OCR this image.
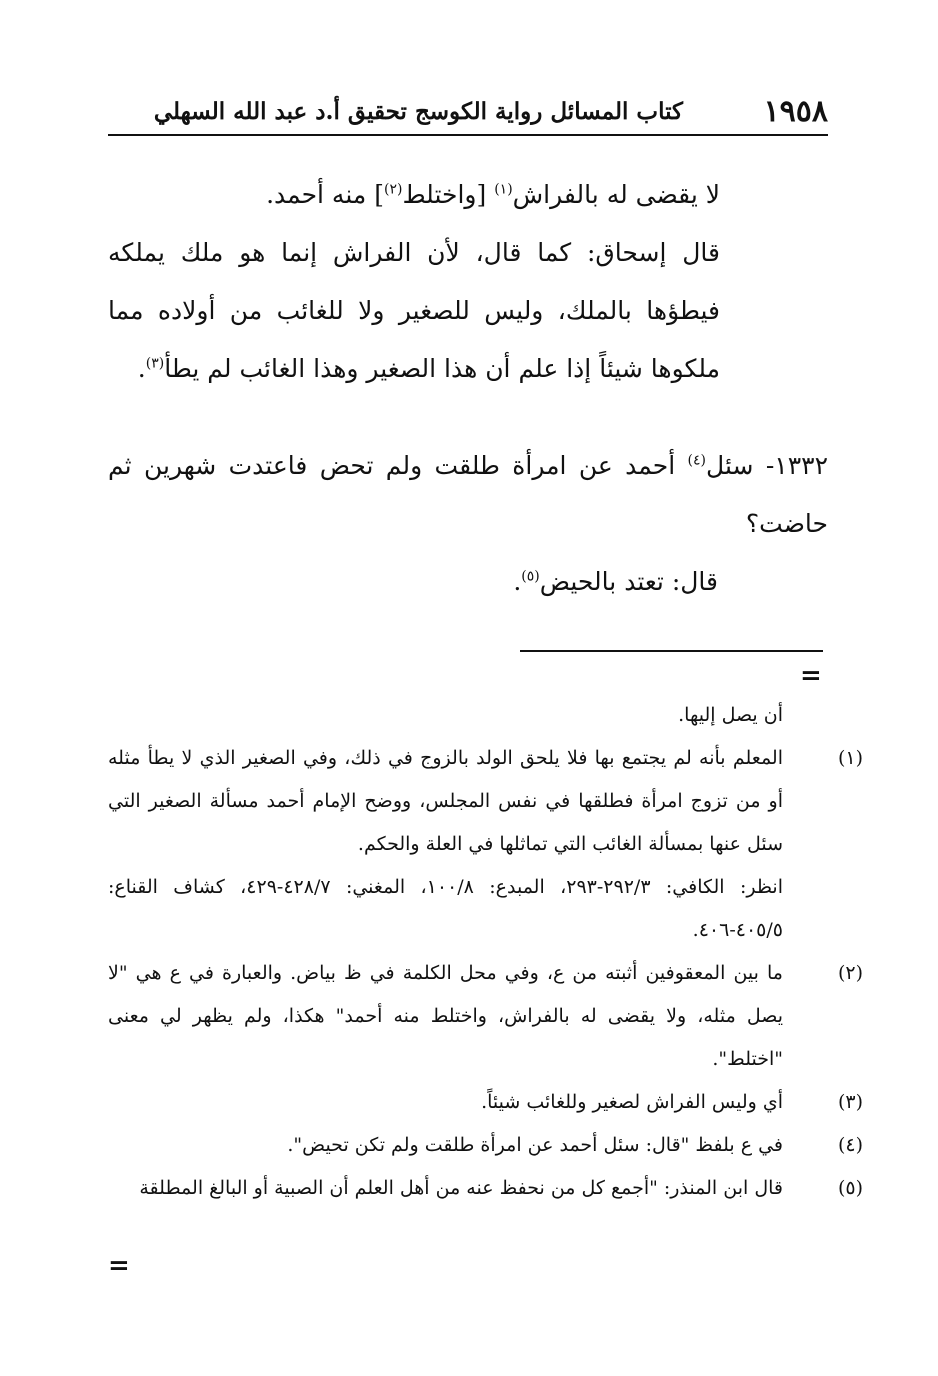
١٩٥٨
كتاب المسائل رواية الكوسج تحقيق أ.د عبد الله السهلي

لا يقضى له بالفراش$^{(١)}$ [واختلط$^{(٢)}$] منه أحمد.

قال إسحاق: كما قال، لأن الفراش إنما هو ملك يملكه فيطؤها بالملك، وليس للصغير ولا للغائب من أولاده مما ملكوها شيئاً إذا علم أن هذا الصغير وهذا الغائب لم يطأ$^{(٣)}$.

١٣٣٢- سئل$^{(٤)}$ أحمد عن امرأة طلقت ولم تحض فاعتدت شهرين ثم حاضت؟

قال: تعتد بالحيض$^{(٥)}$.

=

أن يصل إليها.

(١)المعلم بأنه لم يجتمع بها فلا يلحق الولد بالزوج في ذلك، وفي الصغير الذي لا يطأ مثله أو من تزوج امرأة فطلقها في نفس المجلس، ووضح الإمام أحمد مسألة الصغير التي سئل عنها بمسألة الغائب التي تماثلها في العلة والحكم.

انظر: الكافي: ٢٩٢/٣-٢٩٣، المبدع: ١٠٠/٨، المغني: ٤٢٨/٧-٤٢٩، كشاف القناع: ٤٠٥/٥-٤٠٦.

(٢)ما بين المعقوفين أثبته من ع، وفي محل الكلمة في ظ بياض. والعبارة في ع هي "لا يصل مثله، ولا يقضى له بالفراش، واختلط منه أحمد" هكذا، ولم يظهر لي معنى "اختلط".

(٣)أي وليس الفراش لصغير وللغائب شيئاً.

(٤)في ع بلفظ "قال: سئل أحمد عن امرأة طلقت ولم تكن تحيض".

(٥)قال ابن المنذر: "أجمع كل من نحفظ عنه من أهل العلم أن الصبية أو البالغ المطلقة

=
